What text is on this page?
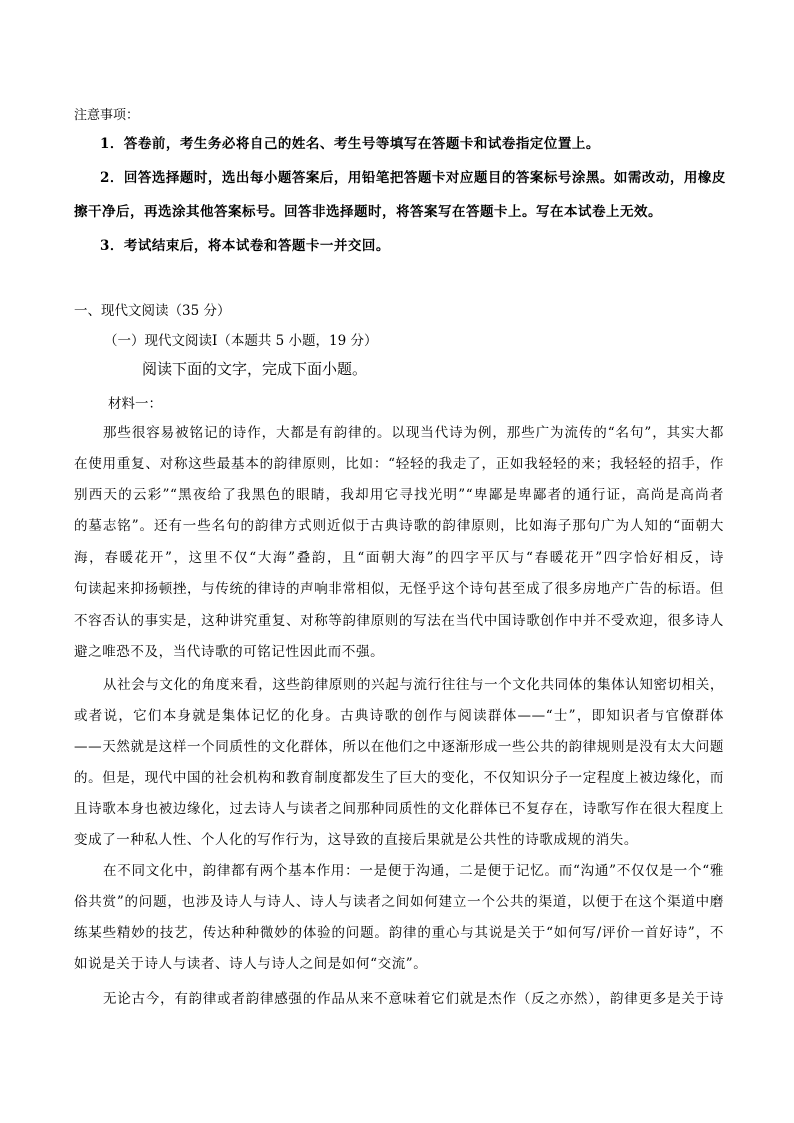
注意事项：
1．答卷前，考生务必将自己的姓名、考生号等填写在答题卡和试卷指定位置上。
2．回答选择题时，选出每小题答案后，用铅笔把答题卡对应题目的答案标号涂黑。如需改动，用橡皮擦干净后，再选涂其他答案标号。回答非选择题时，将答案写在答题卡上。写在本试卷上无效。
3．考试结束后，将本试卷和答题卡一并交回。
一、现代文阅读（35 分）
（一）现代文阅读Ⅰ（本题共 5 小题，19 分）
阅读下面的文字，完成下面小题。
材料一：
那些很容易被铭记的诗作，大都是有韵律的。以现当代诗为例，那些广为流传的“名句”，其实大都
在使用重复、对称这些最基本的韵律原则，比如：“轻轻的我走了，正如我轻轻的来；我轻轻的招手，作
别西天的云彩”“黑夜给了我黑色的眼睛，我却用它寻找光明”“卑鄙是卑鄙者的通行证，高尚是高尚者
的墓志铭”。还有一些名句的韵律方式则近似于古典诗歌的韵律原则，比如海子那句广为人知的“面朝大
海，春暖花开”，这里不仅“大海”叠韵，且“面朝大海”的四字平仄与“春暖花开”四字恰好相反，诗
句读起来抑扬顿挫，与传统的律诗的声响非常相似，无怪乎这个诗句甚至成了很多房地产广告的标语。但
不容否认的事实是，这种讲究重复、对称等韵律原则的写法在当代中国诗歌创作中并不受欢迎，很多诗人
避之唯恐不及，当代诗歌的可铭记性因此而不强。
从社会与文化的角度来看，这些韵律原则的兴起与流行往往与一个文化共同体的集体认知密切相关，
或者说，它们本身就是集体记忆的化身。古典诗歌的创作与阅读群体——“士”，即知识者与官僚群体
——天然就是这样一个同质性的文化群体，所以在他们之中逐渐形成一些公共的韵律规则是没有太大问题
的。但是，现代中国的社会机构和教育制度都发生了巨大的变化，不仅知识分子一定程度上被边缘化，而
且诗歌本身也被边缘化，过去诗人与读者之间那种同质性的文化群体已不复存在，诗歌写作在很大程度上
变成了一种私人性、个人化的写作行为，这导致的直接后果就是公共性的诗歌成规的消失。
在不同文化中，韵律都有两个基本作用：一是便于沟通，二是便于记忆。而“沟通”不仅仅是一个“雅
俗共赏”的问题，也涉及诗人与诗人、诗人与读者之间如何建立一个公共的渠道，以便于在这个渠道中磨
练某些精妙的技艺，传达种种微妙的体验的问题。韵律的重心与其说是关于“如何写/评价一首好诗”，不
如说是关于诗人与读者、诗人与诗人之间是如何“交流”。
无论古今，有韵律或者韵律感强的作品从来不意味着它们就是杰作（反之亦然），韵律更多是关于诗
